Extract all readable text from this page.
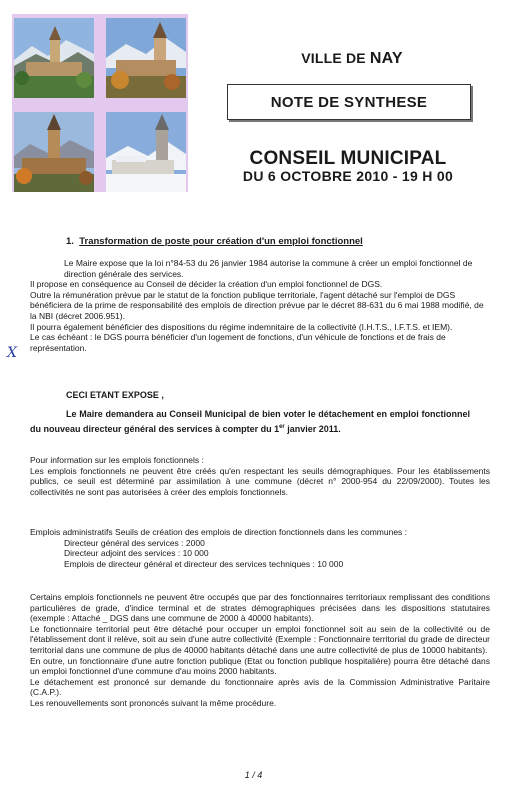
VILLE DE NAY
NOTE DE SYNTHESE
CONSEIL MUNICIPAL
DU 6 OCTOBRE 2010 - 19 H 00
1. Transformation de poste pour création d'un emploi fonctionnel

Le Maire expose que la loi n°84-53 du 26 janvier 1984 autorise la commune à créer un emploi fonctionnel de direction générale des services.

Il propose en conséquence au Conseil de décider la création d'un emploi fonctionnel de DGS.

Outre la rémunération prévue par le statut de la fonction publique territoriale, l'agent détaché sur l'emploi de DGS bénéficiera de la prime de responsabilité des emplois de direction prévue par le décret 88-631 du 6 mai 1988 modifié, de la NBI (décret 2006.951).

Il pourra également bénéficier des dispositions du régime indemnitaire de la collectivité (I.H.T.S., I.F.T.S. et IEM).

Le cas échéant : le DGS pourra bénéficier d'un logement de fonctions, d'un véhicule de fonctions et de frais de représentation.

X
CECI ETANT EXPOSE ,
Le Maire demandera au Conseil Municipal de bien voter le détachement en emploi fonctionnel du nouveau directeur général des services à compter du 1er janvier 2011.

Pour information sur les emplois fonctionnels :

Les emplois fonctionnels ne peuvent être créés qu'en respectant les seuils démographiques. Pour les établissements publics, ce seuil est déterminé par assimilation à une commune (décret n° 2000-954 du 22/09/2000). Toutes les collectivités ne sont pas autorisées à créer des emplois fonctionnels.

Emplois administratifs Seuils de création des emplois de direction fonctionnels dans les communes :

Directeur général des services : 2000

Directeur adjoint des services : 10 000

Emplois de directeur général et directeur des services techniques : 10 000

Certains emplois fonctionnels ne peuvent être occupés que par des fonctionnaires territoriaux remplissant des conditions particulières de grade, d'indice terminal et de strates démographiques précisées dans les dispositions statutaires (exemple : Attaché _ DGS dans une commune de 2000 à 40000 habitants).

Le fonctionnaire territorial peut être détaché pour occuper un emploi fonctionnel soit au sein de la collectivité ou de l'établissement dont il relève, soit au sein d'une autre collectivité (Exemple : Fonctionnaire territorial du grade de directeur territorial dans une commune de plus de 40000 habitants détaché dans une autre collectivité de plus de 10000 habitants).

En outre, un fonctionnaire d'une autre fonction publique (Etat ou fonction publique hospitalière) pourra être détaché dans un emploi fonctionnel d'une commune d'au moins 2000 habitants.

Le détachement est prononcé sur demande du fonctionnaire après avis de la Commission Administrative Paritaire (C.A.P.).

Les renouvellements sont prononcés suivant la même procédure.

1 / 4
